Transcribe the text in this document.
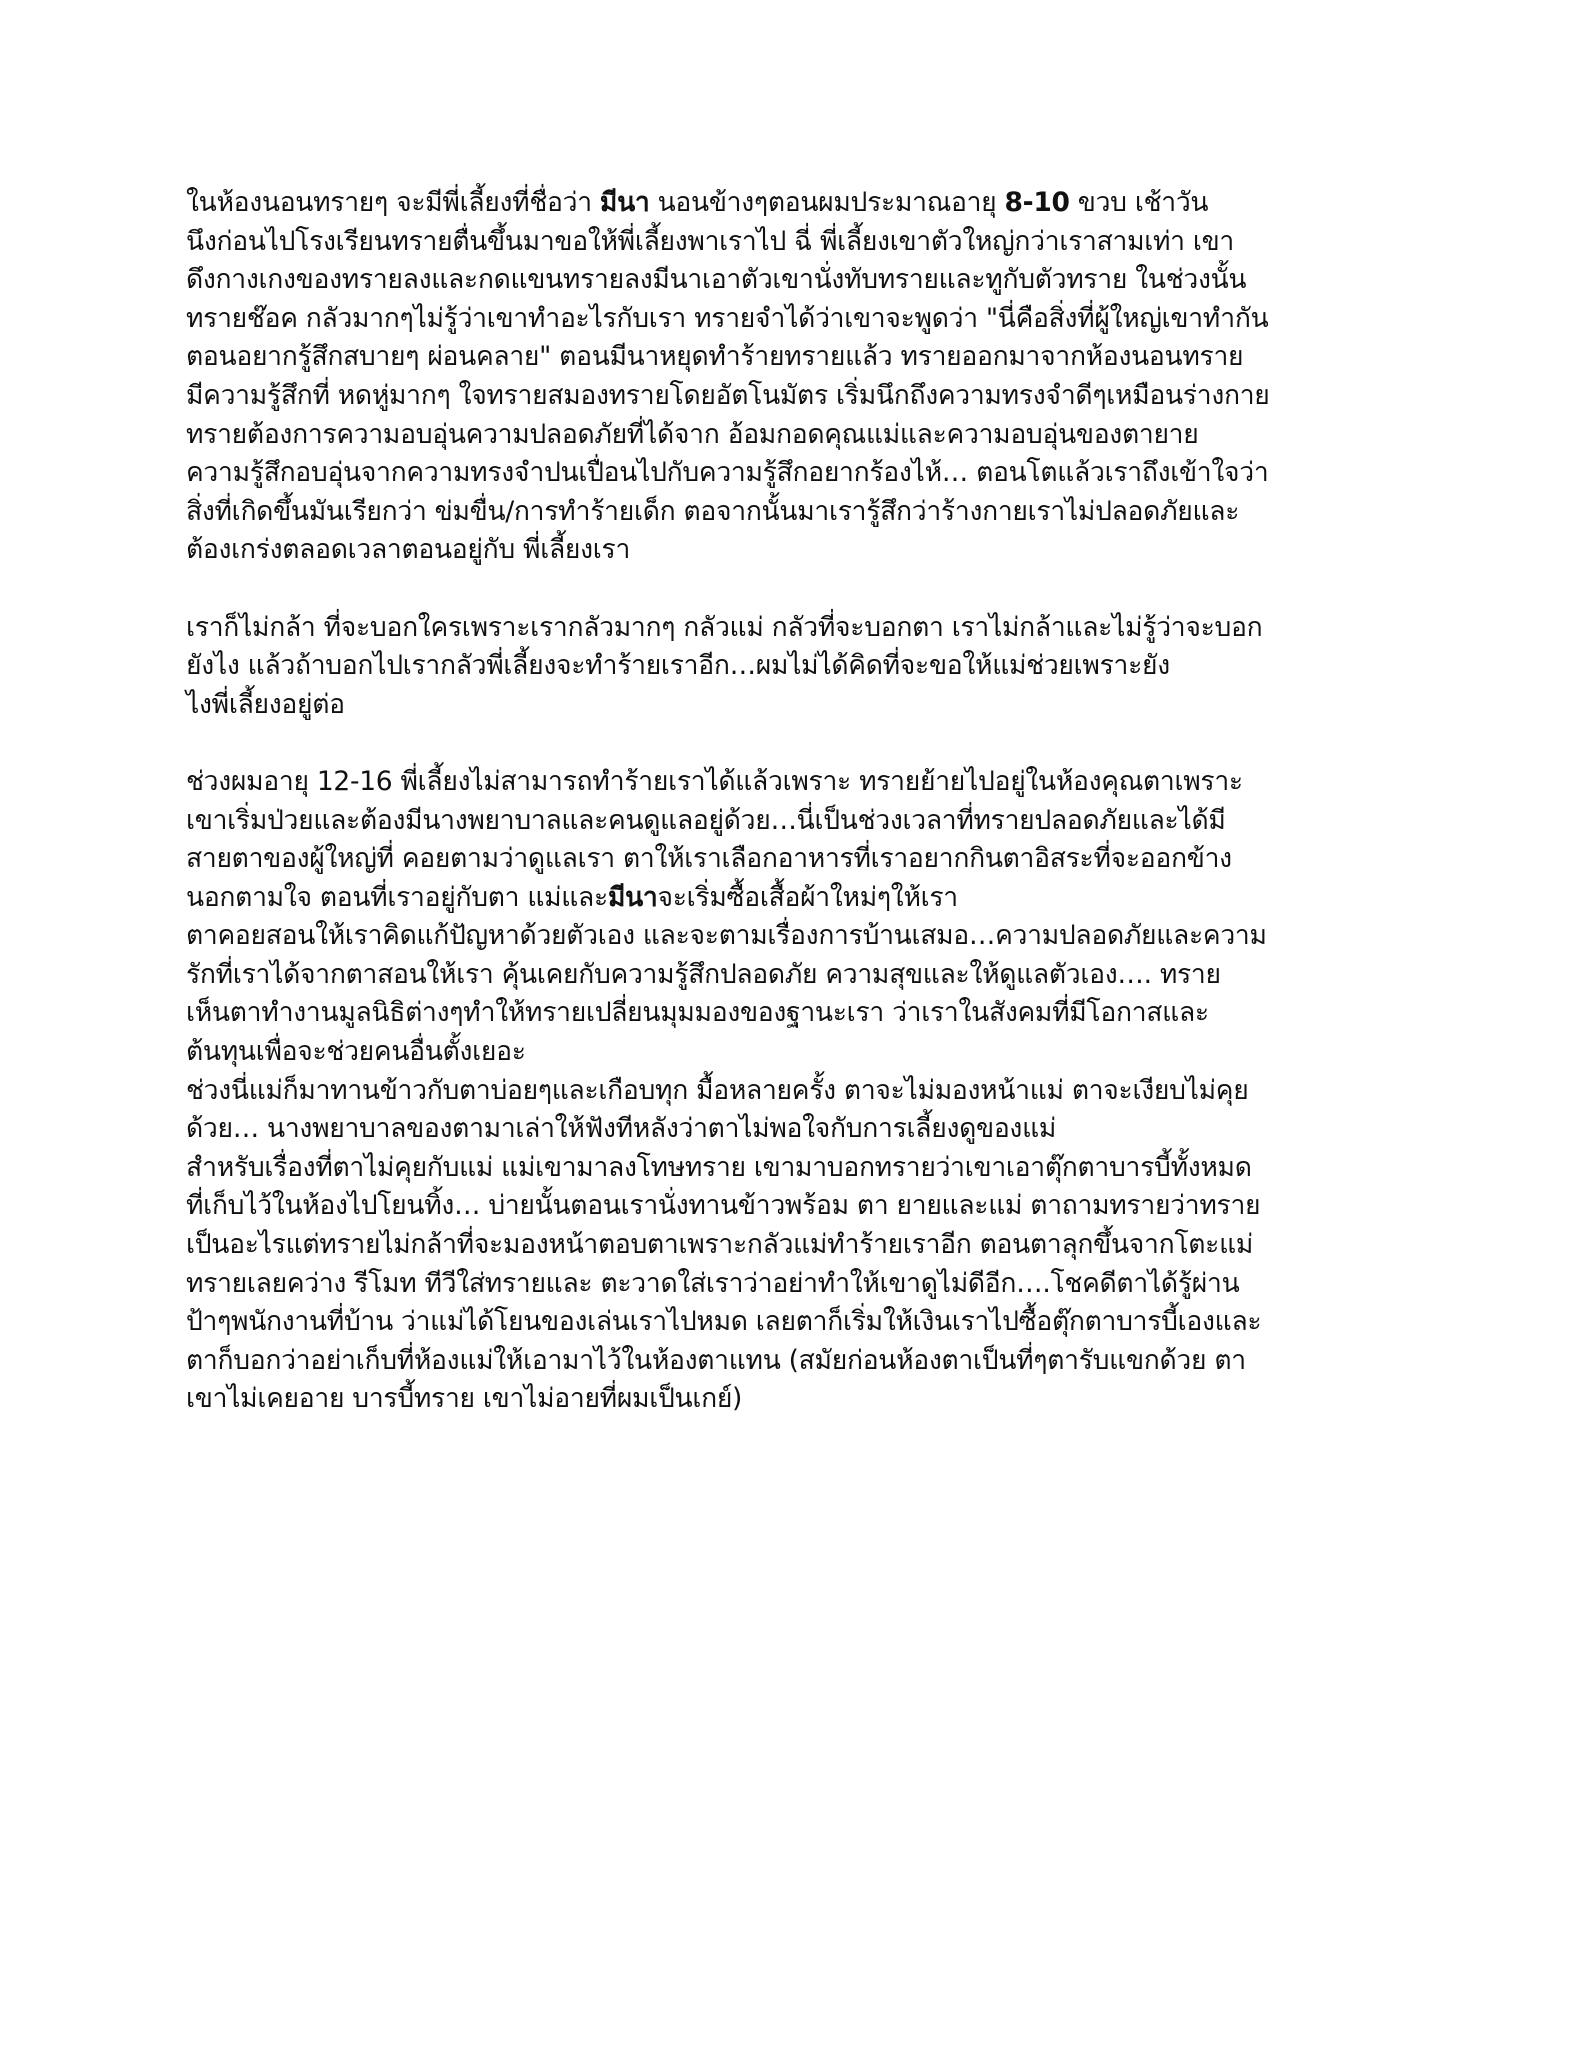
ในห้องนอนทรายๆ จะมีพี่เลี้ยงที่ชื่อว่า มีนา นอนข้างๆตอนผมประมาณอายุ 8-10 ขวบ เช้าวัน
นึงก่อนไปโรงเรียนทรายตื่นขึ้นมาขอให้พี่เลี้ยงพาเราไป ฉี่ พี่เลี้ยงเขาตัวใหญ่กว่าเราสามเท่า เขา
ดึงกางเกงของทรายลงและกดแขนทรายลงมีนาเอาตัวเขานั่งทับทรายและทูกับตัวทราย ในช่วงนั้น
ทรายช๊อค กลัวมากๆไม่รู้ว่าเขาทำอะไรกับเรา ทรายจำได้ว่าเขาจะพูดว่า "นี่คือสิ่งที่ผู้ใหญ่เขาทำกัน
ตอนอยากรู้สึกสบายๆ ผ่อนคลาย" ตอนมีนาหยุดทำร้ายทรายแล้ว ทรายออกมาจากห้องนอนทราย
มีความรู้สึกที่ หดหู่มากๆ ใจทรายสมองทรายโดยอัตโนมัตร เริ่มนึกถึงความทรงจำดีๆเหมือนร่างกาย
ทรายต้องการความอบอุ่นความปลอดภัยที่ได้จาก อ้อมกอดคุณแม่และความอบอุ่นของตายาย
ความรู้สึกอบอุ่นจากความทรงจำปนเปื่อนไปกับความรู้สึกอยากร้องไห้… ตอนโตแล้วเราถึงเข้าใจว่า
สิ่งที่เกิดขึ้นมันเรียกว่า ข่มขื่น/การทำร้ายเด็ก ตอจากนั้นมาเรารู้สึกว่าร้างกายเราไม่ปลอดภัยและ
ต้องเกร่งตลอดเวลาตอนอยู่กับ พี่เลี้ยงเรา
เราก็ไม่กล้า ที่จะบอกใครเพราะเรากลัวมากๆ กลัวแม่ กลัวที่จะบอกตา เราไม่กล้าและไม่รู้ว่าจะบอก
ยังไง แล้วถ้าบอกไปเรากลัวพี่เลี้ยงจะทำร้ายเราอีก…ผมไม่ได้คิดที่จะขอให้แม่ช่วยเพราะยัง
ไงพี่เลี้ยงอยู่ต่อ
ช่วงผมอายุ 12-16 พี่เลี้ยงไม่สามารถทำร้ายเราได้แล้วเพราะ ทรายย้ายไปอยู่ในห้องคุณตาเพราะ
เขาเริ่มป่วยและต้องมีนางพยาบาลและคนดูแลอยู่ด้วย…นี่เป็นช่วงเวลาที่ทรายปลอดภัยและได้มี
สายตาของผู้ใหญ่ที่ คอยตามว่าดูแลเรา ตาให้เราเลือกอาหารที่เราอยากกินตาอิสระที่จะออกข้าง
นอกตามใจ ตอนที่เราอยู่กับตา แม่และมีนาจะเริ่มซื้อเสื้อผ้าใหม่ๆให้เรา
ตาคอยสอนให้เราคิดแก้ปัญหาด้วยตัวเอง และจะตามเรื่องการบ้านเสมอ…ความปลอดภัยและความ
รักที่เราได้จากตาสอนให้เรา คุ้นเคยกับความรู้สึกปลอดภัย ความสุขและให้ดูแลตัวเอง…. ทราย
เห็นตาทำงานมูลนิธิต่างๆทำให้ทรายเปลี่ยนมุมมองของฐานะเรา ว่าเราในสังคมที่มีโอกาสและ
ต้นทุนเพื่อจะช่วยคนอื่นตั้งเยอะ
ช่วงนี่แม่ก็มาทานข้าวกับตาบ่อยๆและเกือบทุก มื้อหลายครั้ง ตาจะไม่มองหน้าแม่ ตาจะเงียบไม่คุย
ด้วย… นางพยาบาลของตามาเล่าให้ฟังทีหลังว่าตาไม่พอใจกับการเลี้ยงดูของแม่
สำหรับเรื่องที่ตาไม่คุยกับแม่ แม่เขามาลงโทษทราย เขามาบอกทรายว่าเขาเอาตุ๊กตาบารบี้ทั้งหมด
ที่เก็บไว้ในห้องไปโยนทิ้ง… บ่ายนั้นตอนเรานั่งทานข้าวพร้อม ตา ยายและแม่ ตาถามทรายว่าทราย
เป็นอะไรแต่ทรายไม่กล้าที่จะมองหน้าตอบตาเพราะกลัวแม่ทำร้ายเราอีก ตอนตาลุกขึ้นจากโตะแม่
ทรายเลยคว่าง รีโมท ทีวีใส่ทรายและ ตะวาดใส่เราว่าอย่าทำให้เขาดูไม่ดีอีก….โชคดีตาได้รู้ผ่าน
ป้าๆพนักงานที่บ้าน ว่าแม่ได้โยนของเล่นเราไปหมด เลยตาก็เริ่มให้เงินเราไปซื้อตุ๊กตาบารบี้เองและ
ตาก็บอกว่าอย่าเก็บที่ห้องแม่ให้เอามาไว้ในห้องตาแทน (สมัยก่อนห้องตาเป็นที่ๆตารับแขกด้วย ตา
เขาไม่เคยอาย บารบี้ทราย เขาไม่อายที่ผมเป็นเกย์)
